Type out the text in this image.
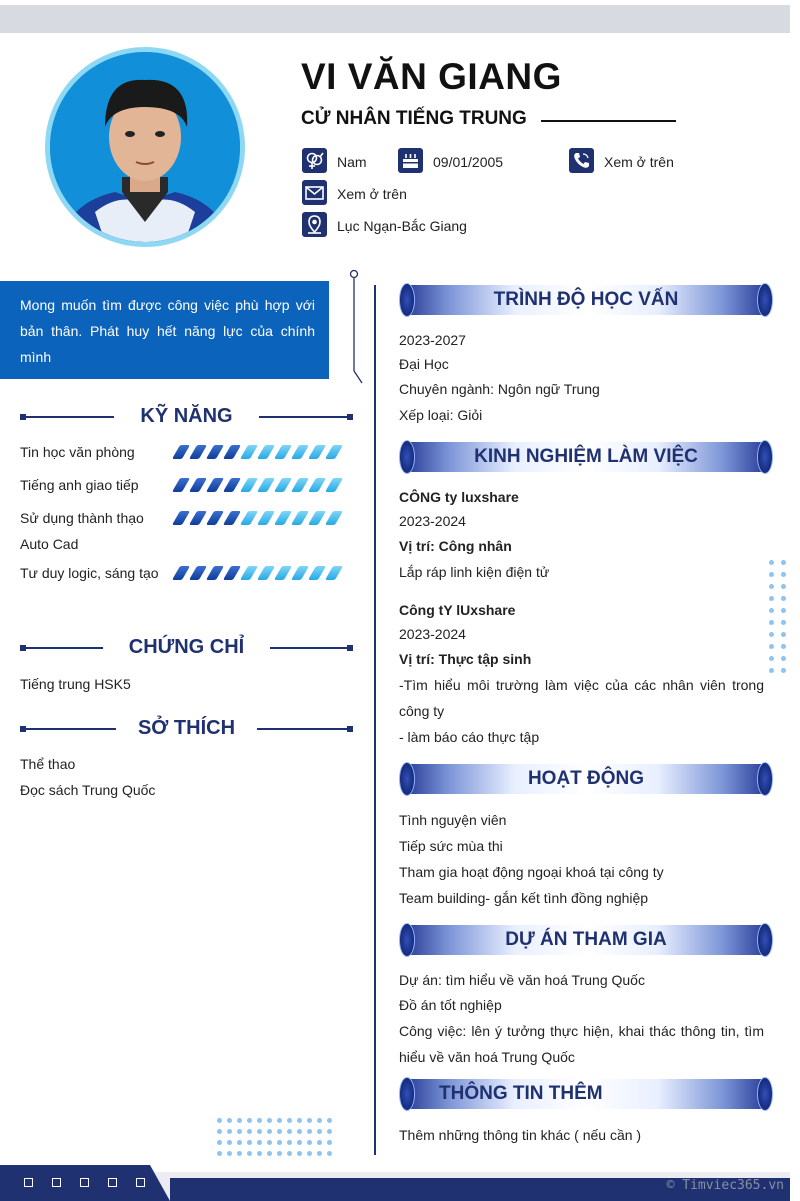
VI VĂN GIANG
CỬ NHÂN TIẾNG TRUNG
Nam	09/01/2005	Xem ở trên
Xem ở trên
Lục Ngạn-Bắc Giang

Mong muốn tìm được công việc phù hợp với bản thân. Phát huy hết năng lực của chính mình

KỸ NĂNG
Tin học văn phòng
Tiếng anh giao tiếp
Sử dụng thành thạo Auto Cad
Tư duy logic, sáng tạo
CHỨNG CHỈ
Tiếng trung HSK5
SỞ THÍCH
Thể thao
Đọc sách Trung Quốc
TRÌNH ĐỘ HỌC VẤN
2023-2027
Đại Học
Chuyên ngành: Ngôn ngữ Trung
Xếp loại: Giỏi
KINH NGHIỆM LÀM VIỆC
CÔNG ty luxshare
2023-2024
Vị trí: Công nhân
Lắp ráp linh kiện điện tử
Công tY lUxshare
2023-2024
Vị trí: Thực tập sinh
-Tìm hiểu môi trường làm việc của các nhân viên trong công ty
- làm báo cáo thực tập
HOẠT ĐỘNG
Tình nguyện viên
Tiếp sức mùa thi
Tham gia hoạt động ngoại khoá tại công ty
Team building- gắn kết tình đồng nghiệp
DỰ ÁN THAM GIA
Dự án: tìm hiểu về văn hoá Trung Quốc
Đồ án tốt nghiệp
Công việc: lên ý tưởng thực hiện, khai thác thông tin, tìm hiểu về văn hoá Trung Quốc
THÔNG TIN THÊM
Thêm những thông tin khác ( nếu cần )
© Timviec365.vn
